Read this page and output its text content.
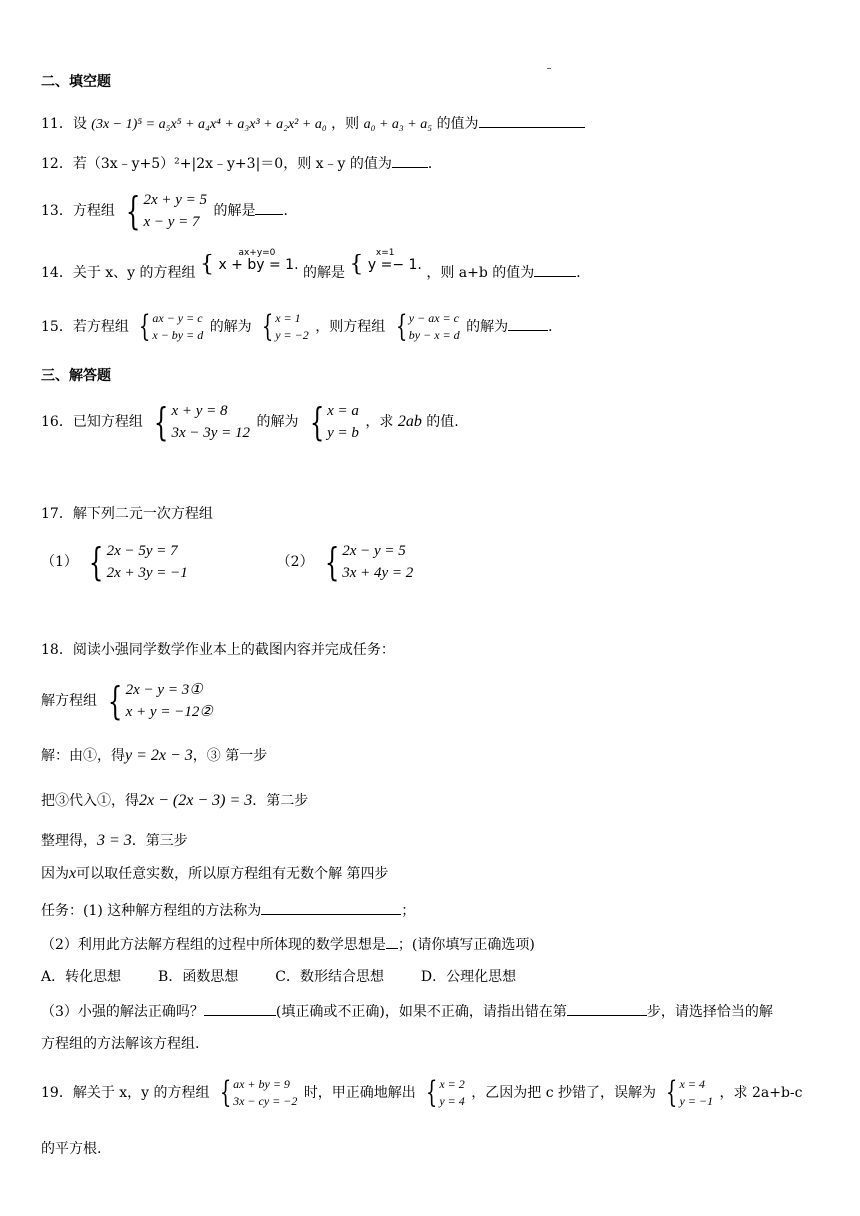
二、填空题
11．设 (3x − 1)⁵ = a₅x⁵ + a₄x⁴ + a₃x³ + a₂x² + a₀ ，则 a₀ + a₃ + a₅ 的值为
12．若（3x﹣y+5）²+|2x﹣y+3|＝0，则 x﹣y 的值为	．
13．方程组 { 2x + y = 5
x − y = 7
的解是 ．
14．关于 x、y 的方程组 {	ax+y=0
x + by = 1. 的解是 { x=1
y =− 1. ，则 a+b 的值为	．
15．若方程组 { ax − y = c
x − by = d 的解为 { x = 1
y = −2 ，则方程组 { y − ax = c
by − x = d 的解为	．
三、解答题
16．已知方程组 { x + y = 8
3x − 3y = 12
的解为 { x = a
y = b
，求 2ab 的值.
17．解下列二元一次方程组
（1） { 2x − 5y = 7
2x + 3y = −1
（2） { 2x − y = 5
3x + 4y = 2
18．阅读小强同学数学作业本上的截图内容并完成任务：
解方程组 { 2x − y = 3①
x + y = −12②
解：由①，得y = 2x − 3，③ 第一步
把③代入①，得2x − (2x − 3) = 3．第二步
整理得，3 = 3．第三步
因为x可以取任意实数，所以原方程组有无数个解 第四步
任务：(1) 这种解方程组的方法称为	；
（2）利用此方法解方程组的过程中所体现的数学思想是 ；(请你填写正确选项)
A．转化思想	B．函数思想	C．数形结合思想	D．公理化思想
（3）小强的解法正确吗？	(填正确或不正确)，如果不正确，请指出错在第	步，请选择恰当的解
方程组的方法解该方程组.
19．解关于 x，y 的方程组 { ax + by = 9
3x − cy = −2 时，甲正确地解出 { x = 2
y = 4 ，乙因为把 c 抄错了，误解为 { x = 4
y = −1 ，求 2a+b-c
的平方根.
